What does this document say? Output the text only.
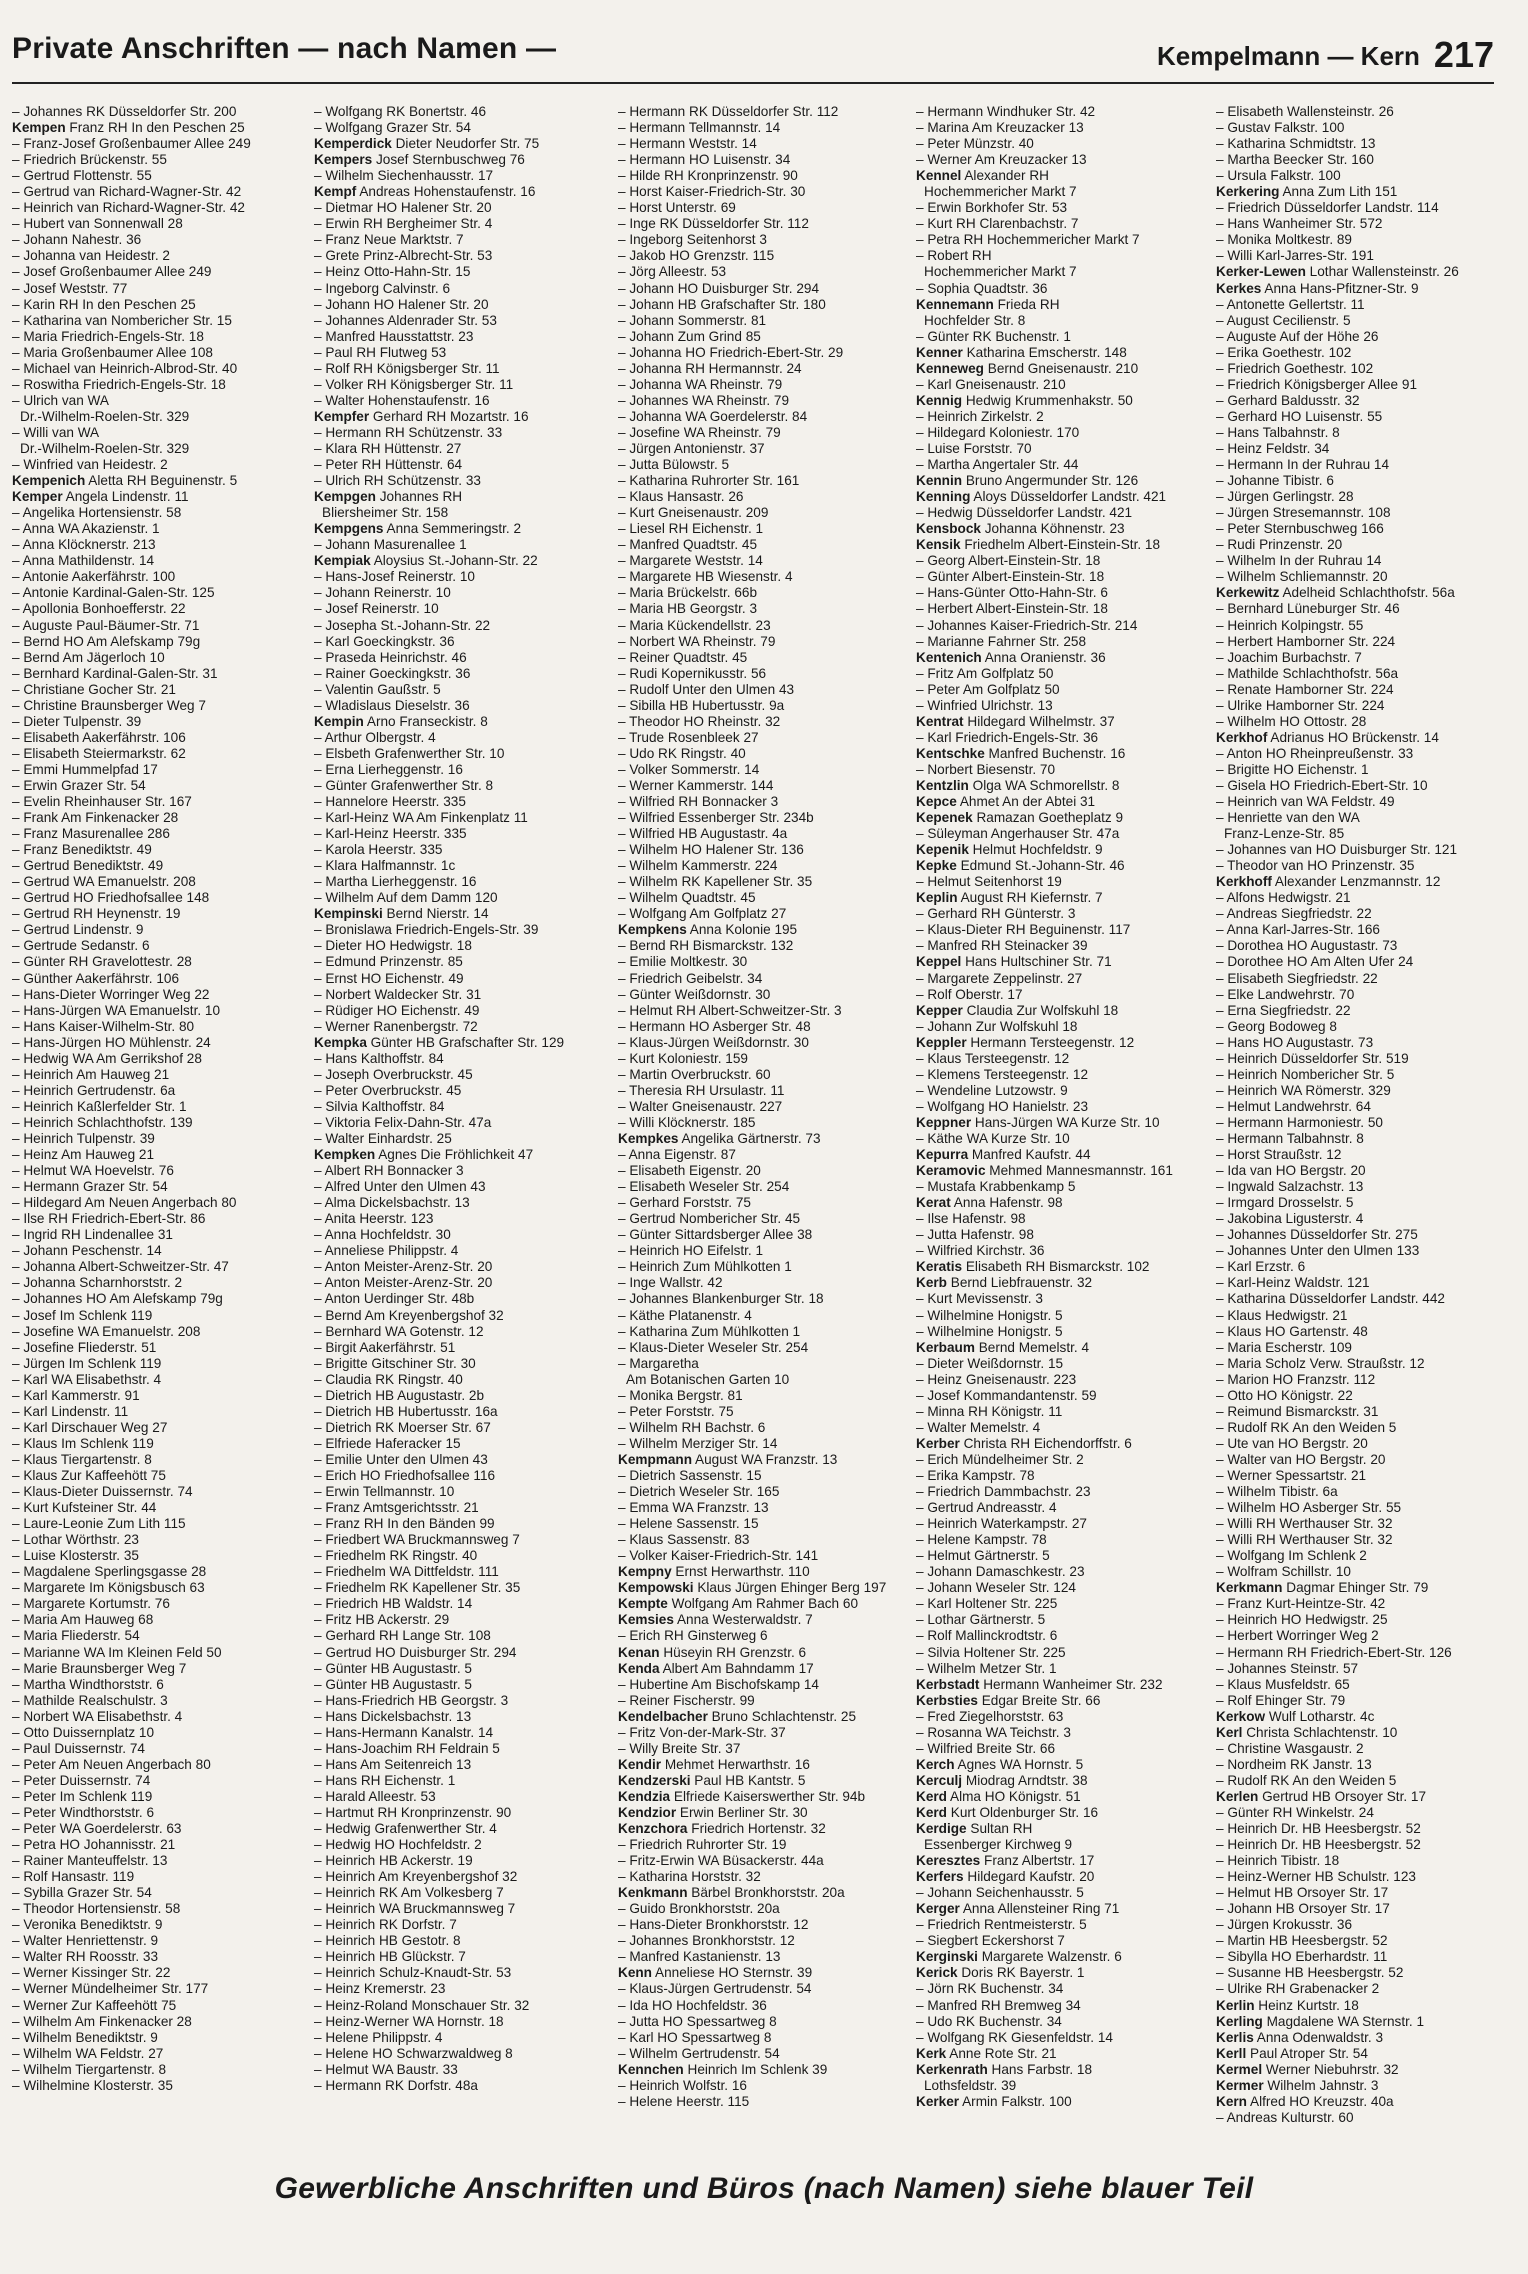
Private Anschriften — nach Namen —	Kempelmann — Kern 217
– Johannes RK Düsseldorfer Str. 200
Kempen Franz RH In den Peschen 25
– Franz-Josef Großenbaumer Allee 249
– Friedrich Brückenstr. 55
– Gertrud Flottenstr. 55
– Gertrud van Richard-Wagner-Str. 42
– Heinrich van Richard-Wagner-Str. 42
– Hubert van Sonnenwall 28
– Johann Nahestr. 36
– Johanna van Heidestr. 2
– Josef Großenbaumer Allee 249
– Josef Weststr. 77
– Karin RH In den Peschen 25
– Katharina van Nombericher Str. 15
– Maria Friedrich-Engels-Str. 18
– Maria Großenbaumer Allee 108
– Michael van Heinrich-Albrod-Str. 40
– Roswitha Friedrich-Engels-Str. 18
– Ulrich van WA
Dr.-Wilhelm-Roelen-Str. 329
– Willi van WA
Dr.-Wilhelm-Roelen-Str. 329
– Winfried van Heidestr. 2
Kempenich Aletta RH Beguinenstr. 5
Kemper Angela Lindenstr. 11
– Angelika Hortensienstr. 58
– Anna WA Akazienstr. 1
– Anna Klöcknerstr. 213
– Anna Mathildenstr. 14
– Antonie Aakerfährstr. 100
– Antonie Kardinal-Galen-Str. 125
– Apollonia Bonhoefferstr. 22
– Auguste Paul-Bäumer-Str. 71
– Bernd HO Am Alefskamp 79g
– Bernd Am Jägerloch 10
– Bernhard Kardinal-Galen-Str. 31
– Christiane Gocher Str. 21
– Christine Braunsberger Weg 7
– Dieter Tulpenstr. 39
– Elisabeth Aakerfährstr. 106
– Elisabeth Steiermarkstr. 62
– Emmi Hummelpfad 17
– Erwin Grazer Str. 54
– Evelin Rheinhauser Str. 167
– Frank Am Finkenacker 28
– Franz Masurenallee 286
– Franz Benediktstr. 49
– Gertrud Benediktstr. 49
– Gertrud WA Emanuelstr. 208
– Gertrud HO Friedhofsallee 148
– Gertrud RH Heynenstr. 19
– Gertrud Lindenstr. 9
– Gertrude Sedanstr. 6
– Günter RH Gravelottestr. 28
– Günther Aakerfährstr. 106
– Hans-Dieter Worringer Weg 22
– Hans-Jürgen WA Emanuelstr. 10
– Hans Kaiser-Wilhelm-Str. 80
– Hans-Jürgen HO Mühlenstr. 24
– Hedwig WA Am Gerrikshof 28
– Heinrich Am Hauweg 21
– Heinrich Gertrudenstr. 6a
– Heinrich Kaßlerfelder Str. 1
– Heinrich Schlachthofstr. 139
– Heinrich Tulpenstr. 39
– Heinz Am Hauweg 21
– Helmut WA Hoevelstr. 76
– Hermann Grazer Str. 54
– Hildegard Am Neuen Angerbach 80
– Ilse RH Friedrich-Ebert-Str. 86
– Ingrid RH Lindenallee 31
– Johann Peschenstr. 14
– Johanna Albert-Schweitzer-Str. 47
– Johanna Scharnhorststr. 2
– Johannes HO Am Alefskamp 79g
– Josef Im Schlenk 119
– Josefine WA Emanuelstr. 208
– Josefine Fliederstr. 51
– Jürgen Im Schlenk 119
– Karl WA Elisabethstr. 4
– Karl Kammerstr. 91
– Karl Lindenstr. 11
– Karl Dirschauer Weg 27
– Klaus Im Schlenk 119
– Klaus Tiergartenstr. 8
– Klaus Zur Kaffeehött 75
– Klaus-Dieter Duissernstr. 74
– Kurt Kufsteiner Str. 44
– Laure-Leonie Zum Lith 115
– Lothar Wörthstr. 23
– Luise Klosterstr. 35
– Magdalene Sperlingsgasse 28
– Margarete Im Königsbusch 63
– Margarete Kortumstr. 76
– Maria Am Hauweg 68
– Maria Fliederstr. 54
– Marianne WA Im Kleinen Feld 50
– Marie Braunsberger Weg 7
– Martha Windthorststr. 6
– Mathilde Realschulstr. 3
– Norbert WA Elisabethstr. 4
– Otto Duissernplatz 10
– Paul Duissernstr. 74
– Peter Am Neuen Angerbach 80
– Peter Duissernstr. 74
– Peter Im Schlenk 119
– Peter Windthorststr. 6
– Peter WA Goerdelerstr. 63
– Petra HO Johannisstr. 21
– Rainer Manteuffelstr. 13
– Rolf Hansastr. 119
– Sybilla Grazer Str. 54
– Theodor Hortensienstr. 58
– Veronika Benediktstr. 9
– Walter Henriettenstr. 9
– Walter RH Roosstr. 33
– Werner Kissinger Str. 22
– Werner Mündelheimer Str. 177
– Werner Zur Kaffeehött 75
– Wilhelm Am Finkenacker 28
– Wilhelm Benediktstr. 9
– Wilhelm WA Feldstr. 27
– Wilhelm Tiergartenstr. 8
– Wilhelmine Klosterstr. 35
– Wolfgang RK Bonertstr. 46
– Wolfgang Grazer Str. 54
Kemperdick Dieter Neudorfer Str. 75
Kempers Josef Sternbuschweg 76
– Wilhelm Siechenhausstr. 17
Kempf Andreas Hohenstaufenstr. 16
– Dietmar HO Halener Str. 20
– Erwin RH Bergheimer Str. 4
– Franz Neue Marktstr. 7
– Grete Prinz-Albrecht-Str. 53
– Heinz Otto-Hahn-Str. 15
– Ingeborg Calvinstr. 6
– Johann HO Halener Str. 20
– Johannes Aldenrader Str. 53
– Manfred Hausstattstr. 23
– Paul RH Flutweg 53
– Rolf RH Königsberger Str. 11
– Volker RH Königsberger Str. 11
– Walter Hohenstaufenstr. 16
Kempfer Gerhard RH Mozartstr. 16
– Hermann RH Schützenstr. 33
– Klara RH Hüttenstr. 27
– Peter RH Hüttenstr. 64
– Ulrich RH Schützenstr. 33
Kempgen Johannes RH
Bliersheimer Str. 158
Kempgens Anna Semmeringstr. 2
– Johann Masurenallee 1
Kempiak Aloysius St.-Johann-Str. 22
– Hans-Josef Reinerstr. 10
– Johann Reinerstr. 10
– Josef Reinerstr. 10
– Josepha St.-Johann-Str. 22
– Karl Goeckingkstr. 36
– Praseda Heinrichstr. 46
– Rainer Goeckingkstr. 36
– Valentin Gaußstr. 5
– Wladislaus Dieselstr. 36
Kempin Arno Franseckistr. 8
– Arthur Olbergstr. 4
– Elsbeth Grafenwerther Str. 10
– Erna Lierheggenstr. 16
– Günter Grafenwerther Str. 8
– Hannelore Heerstr. 335
– Karl-Heinz WA Am Finkenplatz 11
– Karl-Heinz Heerstr. 335
– Karola Heerstr. 335
– Klara Halfmannstr. 1c
– Martha Lierheggenstr. 16
– Wilhelm Auf dem Damm 120
Kempinski Bernd Nierstr. 14
– Bronislawa Friedrich-Engels-Str. 39
– Dieter HO Hedwigstr. 18
– Edmund Prinzenstr. 85
– Ernst HO Eichenstr. 49
– Norbert Waldecker Str. 31
– Rüdiger HO Eichenstr. 49
– Werner Ranenbergstr. 72
Kempka Günter HB Grafschafter Str. 129
– Hans Kalthoffstr. 84
– Joseph Overbruckstr. 45
– Peter Overbruckstr. 45
– Silvia Kalthoffstr. 84
– Viktoria Felix-Dahn-Str. 47a
– Walter Einhardstr. 25
Kempken Agnes Die Fröhlichkeit 47
– Albert RH Bonnacker 3
– Alfred Unter den Ulmen 43
– Alma Dickelsbachstr. 13
– Anita Heerstr. 123
– Anna Hochfeldstr. 30
– Anneliese Philippstr. 4
– Anton Meister-Arenz-Str. 20
– Anton Meister-Arenz-Str. 20
– Anton Uerdinger Str. 48b
– Bernd Am Kreyenbergshof 32
– Bernhard WA Gotenstr. 12
– Birgit Aakerfährstr. 51
– Brigitte Gitschiner Str. 30
– Claudia RK Ringstr. 40
– Dietrich HB Augustastr. 2b
– Dietrich HB Hubertusstr. 16a
– Dietrich RK Moerser Str. 67
– Elfriede Haferacker 15
– Emilie Unter den Ulmen 43
– Erich HO Friedhofsallee 116
– Erwin Tellmannstr. 10
– Franz Amtsgerichtsstr. 21
– Franz RH In den Bänden 99
– Friedbert WA Bruckmannsweg 7
– Friedhelm RK Ringstr. 40
– Friedhelm WA Dittfeldstr. 111
– Friedhelm RK Kapellener Str. 35
– Friedrich HB Waldstr. 14
– Fritz HB Ackerstr. 29
– Gerhard RH Lange Str. 108
– Gertrud HO Duisburger Str. 294
– Günter HB Augustastr. 5
– Günter HB Augustastr. 5
– Hans-Friedrich HB Georgstr. 3
– Hans Dickelsbachstr. 13
– Hans-Hermann Kanalstr. 14
– Hans-Joachim RH Feldrain 5
– Hans Am Seitenreich 13
– Hans RH Eichenstr. 1
– Harald Alleestr. 53
– Hartmut RH Kronprinzenstr. 90
– Hedwig Grafenwerther Str. 4
– Hedwig HO Hochfeldstr. 2
– Heinrich HB Ackerstr. 19
– Heinrich Am Kreyenbergshof 32
– Heinrich RK Am Volkesberg 7
– Heinrich WA Bruckmannsweg 7
– Heinrich RK Dorfstr. 7
– Heinrich HB Gestotr. 8
– Heinrich HB Glückstr. 7
– Heinrich Schulz-Knaudt-Str. 53
– Heinz Kremerstr. 23
– Heinz-Roland Monschauer Str. 32
– Heinz-Werner WA Hornstr. 18
– Helene Philippstr. 4
– Helene HO Schwarzwaldweg 8
– Helmut WA Baustr. 33
– Hermann RK Dorfstr. 48a
– Hermann RK Düsseldorfer Str. 112
– Hermann Tellmannstr. 14
– Hermann Weststr. 14
– Hermann HO Luisenstr. 34
– Hilde RH Kronprinzenstr. 90
– Horst Kaiser-Friedrich-Str. 30
– Horst Unterstr. 69
– Inge RK Düsseldorfer Str. 112
– Ingeborg Seitenhorst 3
– Jakob HO Grenzstr. 115
– Jörg Alleestr. 53
– Johann HO Duisburger Str. 294
– Johann HB Grafschafter Str. 180
– Johann Sommerstr. 81
– Johann Zum Grind 85
– Johanna HO Friedrich-Ebert-Str. 29
– Johanna RH Hermannstr. 24
– Johanna WA Rheinstr. 79
– Johannes WA Rheinstr. 79
– Johanna WA Goerdelerstr. 84
– Josefine WA Rheinstr. 79
– Jürgen Antonienstr. 37
– Jutta Bülowstr. 5
– Katharina Ruhrorter Str. 161
– Klaus Hansastr. 26
– Kurt Gneisenaustr. 209
– Liesel RH Eichenstr. 1
– Manfred Quadtstr. 45
– Margarete Weststr. 14
– Margarete HB Wiesenstr. 4
– Maria Brückelstr. 66b
– Maria HB Georgstr. 3
– Maria Kückendellstr. 23
– Norbert WA Rheinstr. 79
– Reiner Quadtstr. 45
– Rudi Kopernikusstr. 56
– Rudolf Unter den Ulmen 43
– Sibilla HB Hubertusstr. 9a
– Theodor HO Rheinstr. 32
– Trude Rosenbleek 27
– Udo RK Ringstr. 40
– Volker Sommerstr. 14
– Werner Kammerstr. 144
– Wilfried RH Bonnacker 3
– Wilfried Essenberger Str. 234b
– Wilfried HB Augustastr. 4a
– Wilhelm HO Halener Str. 136
– Wilhelm Kammerstr. 224
– Wilhelm RK Kapellener Str. 35
– Wilhelm Quadtstr. 45
– Wolfgang Am Golfplatz 27
Kempkens Anna Kolonie 195
– Bernd RH Bismarckstr. 132
– Emilie Moltkestr. 30
– Friedrich Geibelstr. 34
– Günter Weißdornstr. 30
– Helmut RH Albert-Schweitzer-Str. 3
– Hermann HO Asberger Str. 48
– Klaus-Jürgen Weißdornstr. 30
– Kurt Koloniestr. 159
– Martin Overbruckstr. 60
– Theresia RH Ursulastr. 11
– Walter Gneisenaustr. 227
– Willi Klöcknerstr. 185
Kempkes Angelika Gärtnerstr. 73
– Anna Eigenstr. 87
– Elisabeth Eigenstr. 20
– Elisabeth Weseler Str. 254
– Gerhard Forststr. 75
– Gertrud Nombericher Str. 45
– Günter Sittardsberger Allee 38
– Heinrich HO Eifelstr. 1
– Heinrich Zum Mühlkotten 1
– Inge Wallstr. 42
– Johannes Blankenburger Str. 18
– Käthe Platanenstr. 4
– Katharina Zum Mühlkotten 1
– Klaus-Dieter Weseler Str. 254
– Margaretha
Am Botanischen Garten 10
– Monika Bergstr. 81
– Peter Forststr. 75
– Wilhelm RH Bachstr. 6
– Wilhelm Merziger Str. 14
Kempmann August WA Franzstr. 13
– Dietrich Sassenstr. 15
– Dietrich Weseler Str. 165
– Emma WA Franzstr. 13
– Helene Sassenstr. 15
– Klaus Sassenstr. 83
– Volker Kaiser-Friedrich-Str. 141
Kempny Ernst Herwarthstr. 110
Kempowski Klaus Jürgen Ehinger Berg 197
Kempte Wolfgang Am Rahmer Bach 60
Kemsies Anna Westerwaldstr. 7
– Erich RH Ginsterweg 6
Kenan Hüseyin RH Grenzstr. 6
Kenda Albert Am Bahndamm 17
– Hubertine Am Bischofskamp 14
– Reiner Fischerstr. 99
Kendelbacher Bruno Schlachtenstr. 25
– Fritz Von-der-Mark-Str. 37
– Willy Breite Str. 37
Kendir Mehmet Herwarthstr. 16
Kendzerski Paul HB Kantstr. 5
Kendzia Elfriede Kaiserswerther Str. 94b
Kendzior Erwin Berliner Str. 30
Kenzchora Friedrich Hortenstr. 32
– Friedrich Ruhrorter Str. 19
– Fritz-Erwin WA Büsackerstr. 44a
– Katharina Horststr. 32
Kenkmann Bärbel Bronkhorststr. 20a
– Guido Bronkhorststr. 20a
– Hans-Dieter Bronkhorststr. 12
– Johannes Bronkhorststr. 12
– Manfred Kastanienstr. 13
Kenn Anneliese HO Sternstr. 39
– Klaus-Jürgen Gertrudenstr. 54
– Ida HO Hochfeldstr. 36
– Jutta HO Spessartweg 8
– Karl HO Spessartweg 8
– Wilhelm Gertrudenstr. 54
Kennchen Heinrich Im Schlenk 39
– Heinrich Wolfstr. 16
– Helene Heerstr. 115
– Hermann Windhuker Str. 42
– Marina Am Kreuzacker 13
– Peter Münzstr. 40
– Werner Am Kreuzacker 13
Kennel Alexander RH
Hochemmericher Markt 7
– Erwin Borkhofer Str. 53
– Kurt RH Clarenbachstr. 7
– Petra RH Hochemmericher Markt 7
– Robert RH
Hochemmericher Markt 7
– Sophia Quadtstr. 36
Kennemann Frieda RH
Hochfelder Str. 8
– Günter RK Buchenstr. 1
Kenner Katharina Emscherstr. 148
Kenneweg Bernd Gneisenaustr. 210
– Karl Gneisenaustr. 210
Kennig Hedwig Krummenhakstr. 50
– Heinrich Zirkelstr. 2
– Hildegard Koloniestr. 170
– Luise Forststr. 70
– Martha Angertaler Str. 44
Kennin Bruno Angermunder Str. 126
Kenning Aloys Düsseldorfer Landstr. 421
– Hedwig Düsseldorfer Landstr. 421
Kensbock Johanna Köhnenstr. 23
Kensik Friedhelm Albert-Einstein-Str. 18
– Georg Albert-Einstein-Str. 18
– Günter Albert-Einstein-Str. 18
– Hans-Günter Otto-Hahn-Str. 6
– Herbert Albert-Einstein-Str. 18
– Johannes Kaiser-Friedrich-Str. 214
– Marianne Fahrner Str. 258
Kentenich Anna Oranienstr. 36
– Fritz Am Golfplatz 50
– Peter Am Golfplatz 50
– Winfried Ulrichstr. 13
Kentrat Hildegard Wilhelmstr. 37
– Karl Friedrich-Engels-Str. 36
Kentschke Manfred Buchenstr. 16
– Norbert Biesenstr. 70
Kentzlin Olga WA Schmorellstr. 8
Kepce Ahmet An der Abtei 31
Kepenek Ramazan Goetheplatz 9
– Süleyman Angerhauser Str. 47a
Kepenik Helmut Hochfeldstr. 9
Kepke Edmund St.-Johann-Str. 46
– Helmut Seitenhorst 19
Keplin August RH Kiefernstr. 7
– Gerhard RH Günterstr. 3
– Klaus-Dieter RH Beguinenstr. 117
– Manfred RH Steinacker 39
Keppel Hans Hultschiner Str. 71
– Margarete Zeppelinstr. 27
– Rolf Oberstr. 17
Kepper Claudia Zur Wolfskuhl 18
– Johann Zur Wolfskuhl 18
Keppler Hermann Tersteegenstr. 12
– Klaus Tersteegenstr. 12
– Klemens Tersteegenstr. 12
– Wendeline Lutzowstr. 9
– Wolfgang HO Hanielstr. 23
Keppner Hans-Jürgen WA Kurze Str. 10
– Käthe WA Kurze Str. 10
Kepurra Manfred Kaufstr. 44
Keramovic Mehmed Mannesmannstr. 161
– Mustafa Krabbenkamp 5
Kerat Anna Hafenstr. 98
– Ilse Hafenstr. 98
– Jutta Hafenstr. 98
– Wilfried Kirchstr. 36
Keratis Elisabeth RH Bismarckstr. 102
Kerb Bernd Liebfrauenstr. 32
– Kurt Mevissenstr. 3
– Wilhelmine Honigstr. 5
– Wilhelmine Honigstr. 5
Kerbaum Bernd Memelstr. 4
– Dieter Weißdornstr. 15
– Heinz Gneisenaustr. 223
– Josef Kommandantenstr. 59
– Minna RH Königstr. 11
– Walter Memelstr. 4
Kerber Christa RH Eichendorffstr. 6
– Erich Mündelheimer Str. 2
– Erika Kampstr. 78
– Friedrich Dammbachstr. 23
– Gertrud Andreasstr. 4
– Heinrich Waterkampstr. 27
– Helene Kampstr. 78
– Helmut Gärtnerstr. 5
– Johann Damaschkestr. 23
– Johann Weseler Str. 124
– Karl Holtener Str. 225
– Lothar Gärtnerstr. 5
– Rolf Mallinckrodtstr. 6
– Silvia Holtener Str. 225
– Wilhelm Metzer Str. 1
Kerbstadt Hermann Wanheimer Str. 232
Kerbsties Edgar Breite Str. 66
– Fred Ziegelhorststr. 63
– Rosanna WA Teichstr. 3
– Wilfried Breite Str. 66
Kerch Agnes WA Hornstr. 5
Kerculj Miodrag Arndtstr. 38
Kerd Alma HO Königstr. 51
Kerd Kurt Oldenburger Str. 16
Kerdige Sultan RH
Essenberger Kirchweg 9
Keresztes Franz Albertstr. 17
Kerfers Hildegard Kaufstr. 20
– Johann Seichenhausstr. 5
Kerger Anna Allensteiner Ring 71
– Friedrich Rentmeisterstr. 5
– Siegbert Eckershorst 7
Kerginski Margarete Walzenstr. 6
Kerick Doris RK Bayerstr. 1
– Jörn RK Buchenstr. 34
– Manfred RH Bremweg 34
– Udo RK Buchenstr. 34
– Wolfgang RK Giesenfeldstr. 14
Kerk Anne Rote Str. 21
Kerkenrath Hans Farbstr. 18
Lothsfeldstr. 39
Kerker Armin Falkstr. 100
– Elisabeth Wallensteinstr. 26
– Gustav Falkstr. 100
– Katharina Schmidtstr. 13
– Martha Beecker Str. 160
– Ursula Falkstr. 100
Kerkering Anna Zum Lith 151
– Friedrich Düsseldorfer Landstr. 114
– Hans Wanheimer Str. 572
– Monika Moltkestr. 89
– Willi Karl-Jarres-Str. 191
Kerker-Lewen Lothar Wallensteinstr. 26
Kerkes Anna Hans-Pfitzner-Str. 9
– Antonette Gellertstr. 11
– August Cecilienstr. 5
– Auguste Auf der Höhe 26
– Erika Goethestr. 102
– Friedrich Goethestr. 102
– Friedrich Königsberger Allee 91
– Gerhard Baldusstr. 32
– Gerhard HO Luisenstr. 55
– Hans Talbahnstr. 8
– Heinz Feldstr. 34
– Hermann In der Ruhrau 14
– Johanne Tibistr. 6
– Jürgen Gerlingstr. 28
– Jürgen Stresemannstr. 108
– Peter Sternbuschweg 166
– Rudi Prinzenstr. 20
– Wilhelm In der Ruhrau 14
– Wilhelm Schliemannstr. 20
Kerkewitz Adelheid Schlachthofstr. 56a
– Bernhard Lüneburger Str. 46
– Heinrich Kolpingstr. 55
– Herbert Hamborner Str. 224
– Joachim Burbachstr. 7
– Mathilde Schlachthofstr. 56a
– Renate Hamborner Str. 224
– Ulrike Hamborner Str. 224
– Wilhelm HO Ottostr. 28
Kerkhof Adrianus HO Brückenstr. 14
– Anton HO Rheinpreußenstr. 33
– Brigitte HO Eichenstr. 1
– Gisela HO Friedrich-Ebert-Str. 10
– Heinrich van WA Feldstr. 49
– Henriette van den WA
Franz-Lenze-Str. 85
– Johannes van HO Duisburger Str. 121
– Theodor van HO Prinzenstr. 35
Kerkhoff Alexander Lenzmannstr. 12
– Alfons Hedwigstr. 21
– Andreas Siegfriedstr. 22
– Anna Karl-Jarres-Str. 166
– Dorothea HO Augustastr. 73
– Dorothee HO Am Alten Ufer 24
– Elisabeth Siegfriedstr. 22
– Elke Landwehrstr. 70
– Erna Siegfriedstr. 22
– Georg Bodoweg 8
– Hans HO Augustastr. 73
– Heinrich Düsseldorfer Str. 519
– Heinrich Nombericher Str. 5
– Heinrich WA Römerstr. 329
– Helmut Landwehrstr. 64
– Hermann Harmoniestr. 50
– Hermann Talbahnstr. 8
– Horst Straußstr. 12
– Ida van HO Bergstr. 20
– Ingwald Salzachstr. 13
– Irmgard Drosselstr. 5
– Jakobina Ligusterstr. 4
– Johannes Düsseldorfer Str. 275
– Johannes Unter den Ulmen 133
– Karl Erzstr. 6
– Karl-Heinz Waldstr. 121
– Katharina Düsseldorfer Landstr. 442
– Klaus Hedwigstr. 21
– Klaus HO Gartenstr. 48
– Maria Escherstr. 109
– Maria Scholz Verw. Straußstr. 12
– Marion HO Franzstr. 112
– Otto HO Königstr. 22
– Reimund Bismarckstr. 31
– Rudolf RK An den Weiden 5
– Ute van HO Bergstr. 20
– Walter van HO Bergstr. 20
– Werner Spessartstr. 21
– Wilhelm Tibistr. 6a
– Wilhelm HO Asberger Str. 55
– Willi RH Werthauser Str. 32
– Willi RH Werthauser Str. 32
– Wolfgang Im Schlenk 2
– Wolfram Schillstr. 10
Kerkmann Dagmar Ehinger Str. 79
– Franz Kurt-Heintze-Str. 42
– Heinrich HO Hedwigstr. 25
– Herbert Worringer Weg 2
– Hermann RH Friedrich-Ebert-Str. 126
– Johannes Steinstr. 57
– Klaus Musfeldstr. 65
– Rolf Ehinger Str. 79
Kerkow Wulf Lotharstr. 4c
Kerl Christa Schlachtenstr. 10
– Christine Wasgaustr. 2
– Nordheim RK Janstr. 13
– Rudolf RK An den Weiden 5
Kerlen Gertrud HB Orsoyer Str. 17
– Günter RH Winkelstr. 24
– Heinrich Dr. HB Heesbergstr. 52
– Heinrich Dr. HB Heesbergstr. 52
– Heinrich Tibistr. 18
– Heinz-Werner HB Schulstr. 123
– Helmut HB Orsoyer Str. 17
– Johann HB Orsoyer Str. 17
– Jürgen Krokusstr. 36
– Martin HB Heesbergstr. 52
– Sibylla HO Eberhardstr. 11
– Susanne HB Heesbergstr. 52
– Ulrike RH Grabenacker 2
Kerlin Heinz Kurtstr. 18
Kerling Magdalene WA Sternstr. 1
Kerlis Anna Odenwaldstr. 3
Kerll Paul Atroper Str. 54
Kermel Werner Niebuhrstr. 32
Kermer Wilhelm Jahnstr. 3
Kern Alfred HO Kreuzstr. 40a
– Andreas Kulturstr. 60
Gewerbliche Anschriften und Büros (nach Namen) siehe blauer Teil
